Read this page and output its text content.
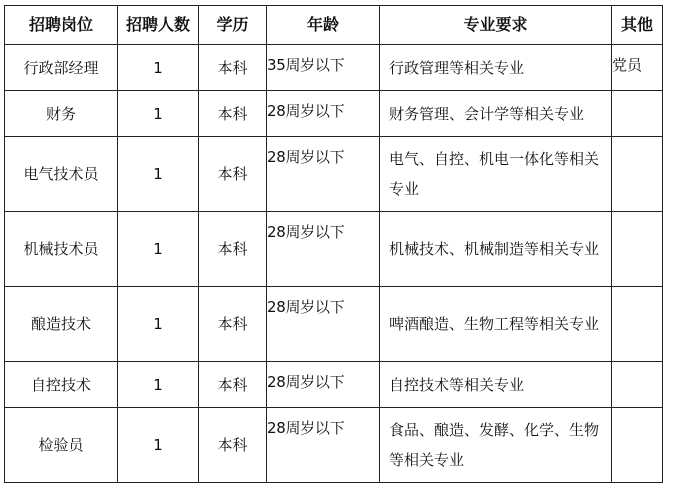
招聘岗位	招聘人数	学历	年龄	专业要求	其他
行政部经理	1	本科	35周岁以下	行政管理等相关专业	党员
财务	1	本科	28周岁以下	财务管理、会计学等相关专业	
电气技术员	1	本科	28周岁以下	电气、自控、机电一体化等相关专业	
机械技术员	1	本科	28周岁以下	机械技术、机械制造等相关专业	
酿造技术	1	本科	28周岁以下	啤酒酿造、生物工程等相关专业	
自控技术	1	本科	28周岁以下	自控技术等相关专业	
检验员	1	本科	28周岁以下	食品、酿造、发酵、化学、生物等相关专业	
